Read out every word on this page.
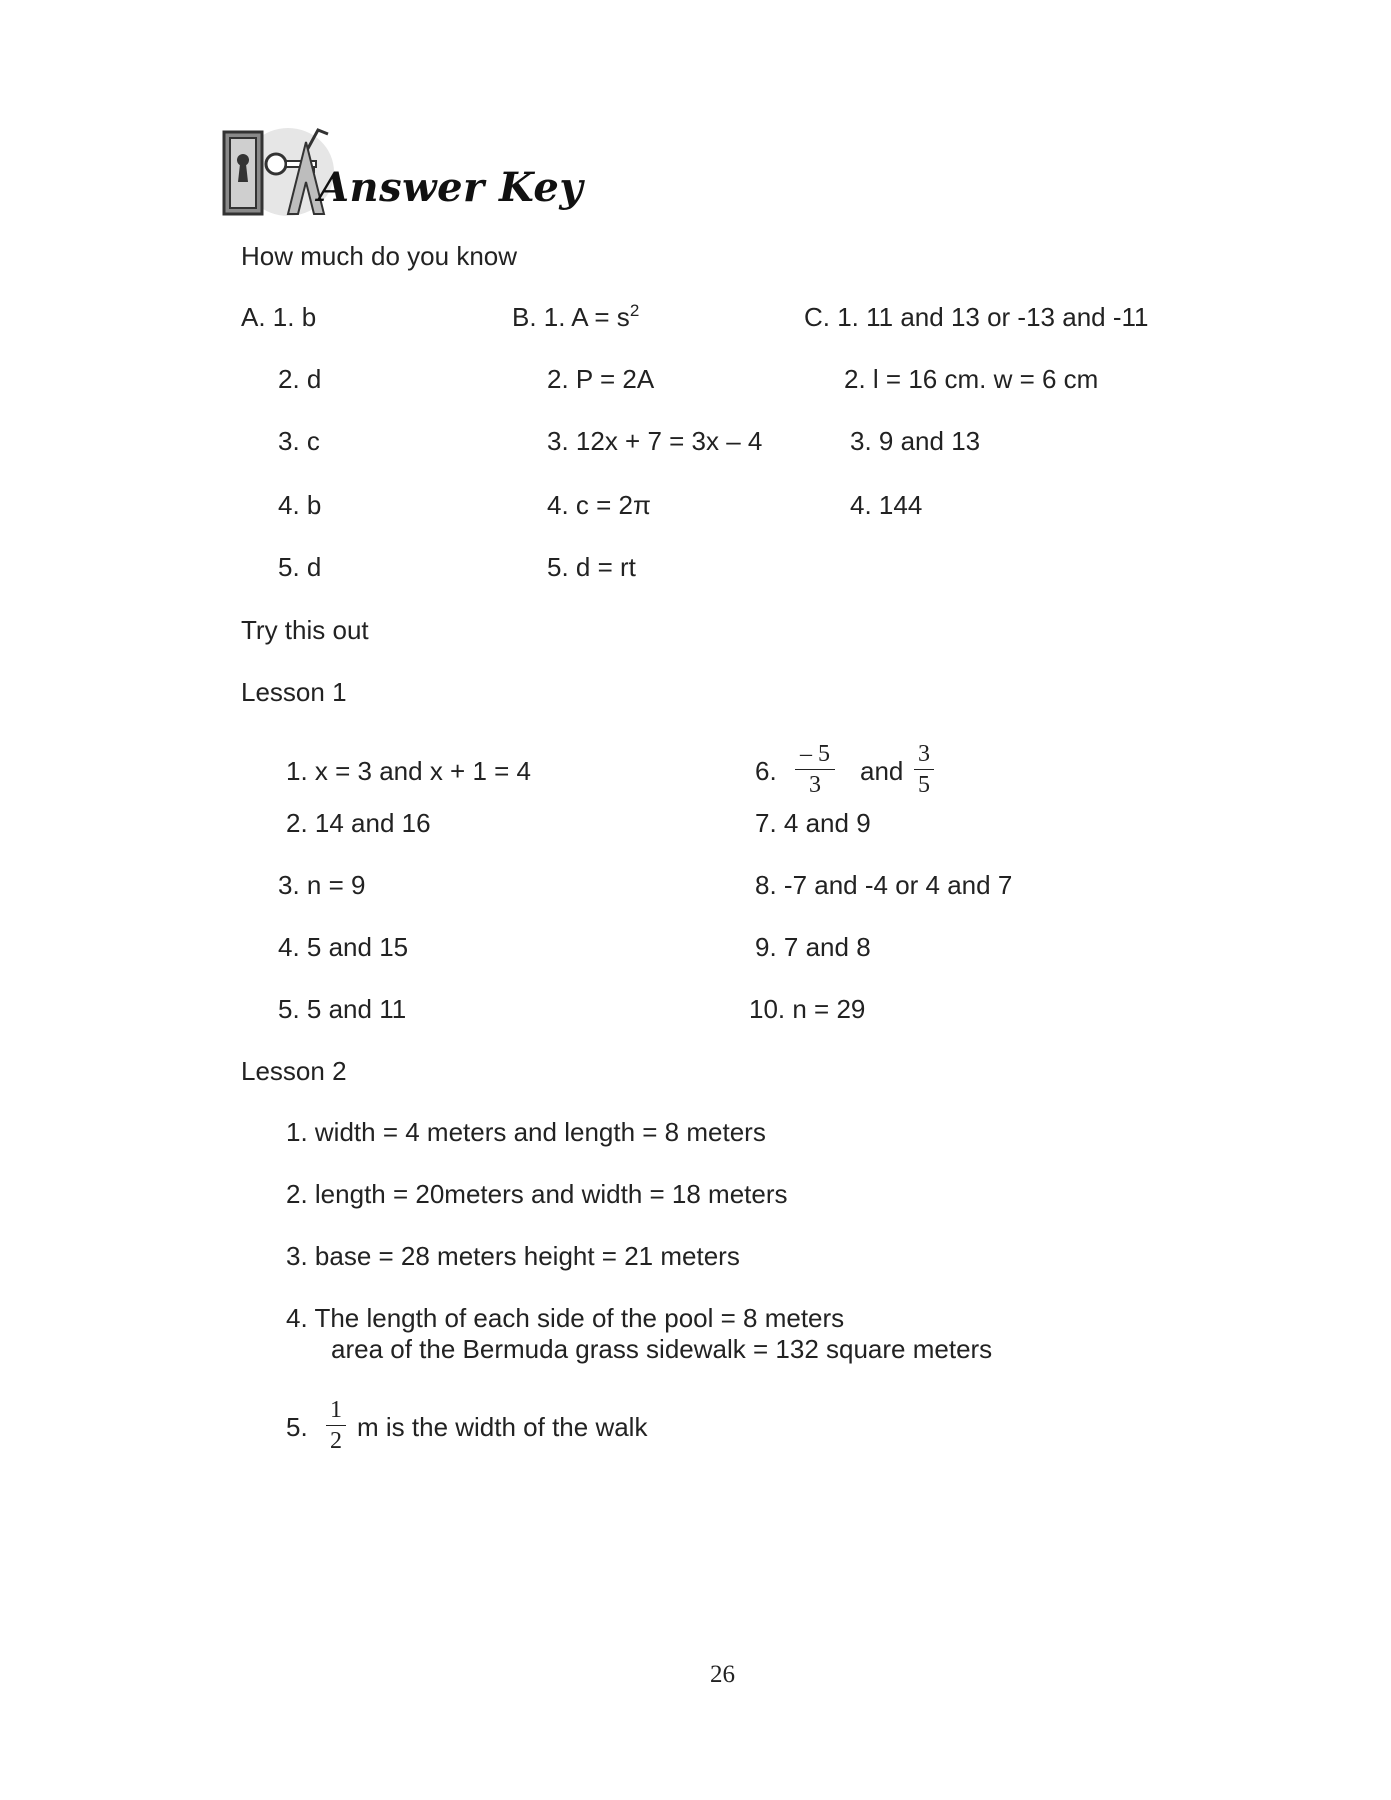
Answer Key
How much do you know
A. 1. b
2. d
3. c
4. b
5. d
B. 1. $A = s^2$
2. P = 2A
3. 12x + 7 = 3x – 4
4. c = 2π
5. d = rt
C. 1. 11 and 13 or -13 and -11
2. l = 16 cm. w = 6 cm
3. 9 and 13
4. 144
Try this out
Lesson 1
1. x = 3 and x + 1 = 4
2. 14 and 16
3. n = 9
4. 5 and 15
5. 5 and 11
6.
– 5
3	and
3
5
7. 4 and 9
8. -7 and -4 or 4 and 7
9. 7 and 8
10. n = 29
Lesson 2
1. width = 4 meters and length = 8 meters
2. length = 20meters and width = 18 meters
3. base = 28 meters height = 21 meters
4. The length of each side of the pool = 8 meters
area of the Bermuda grass sidewalk = 132 square meters
5.
1
2 m is the width of the walk
26
